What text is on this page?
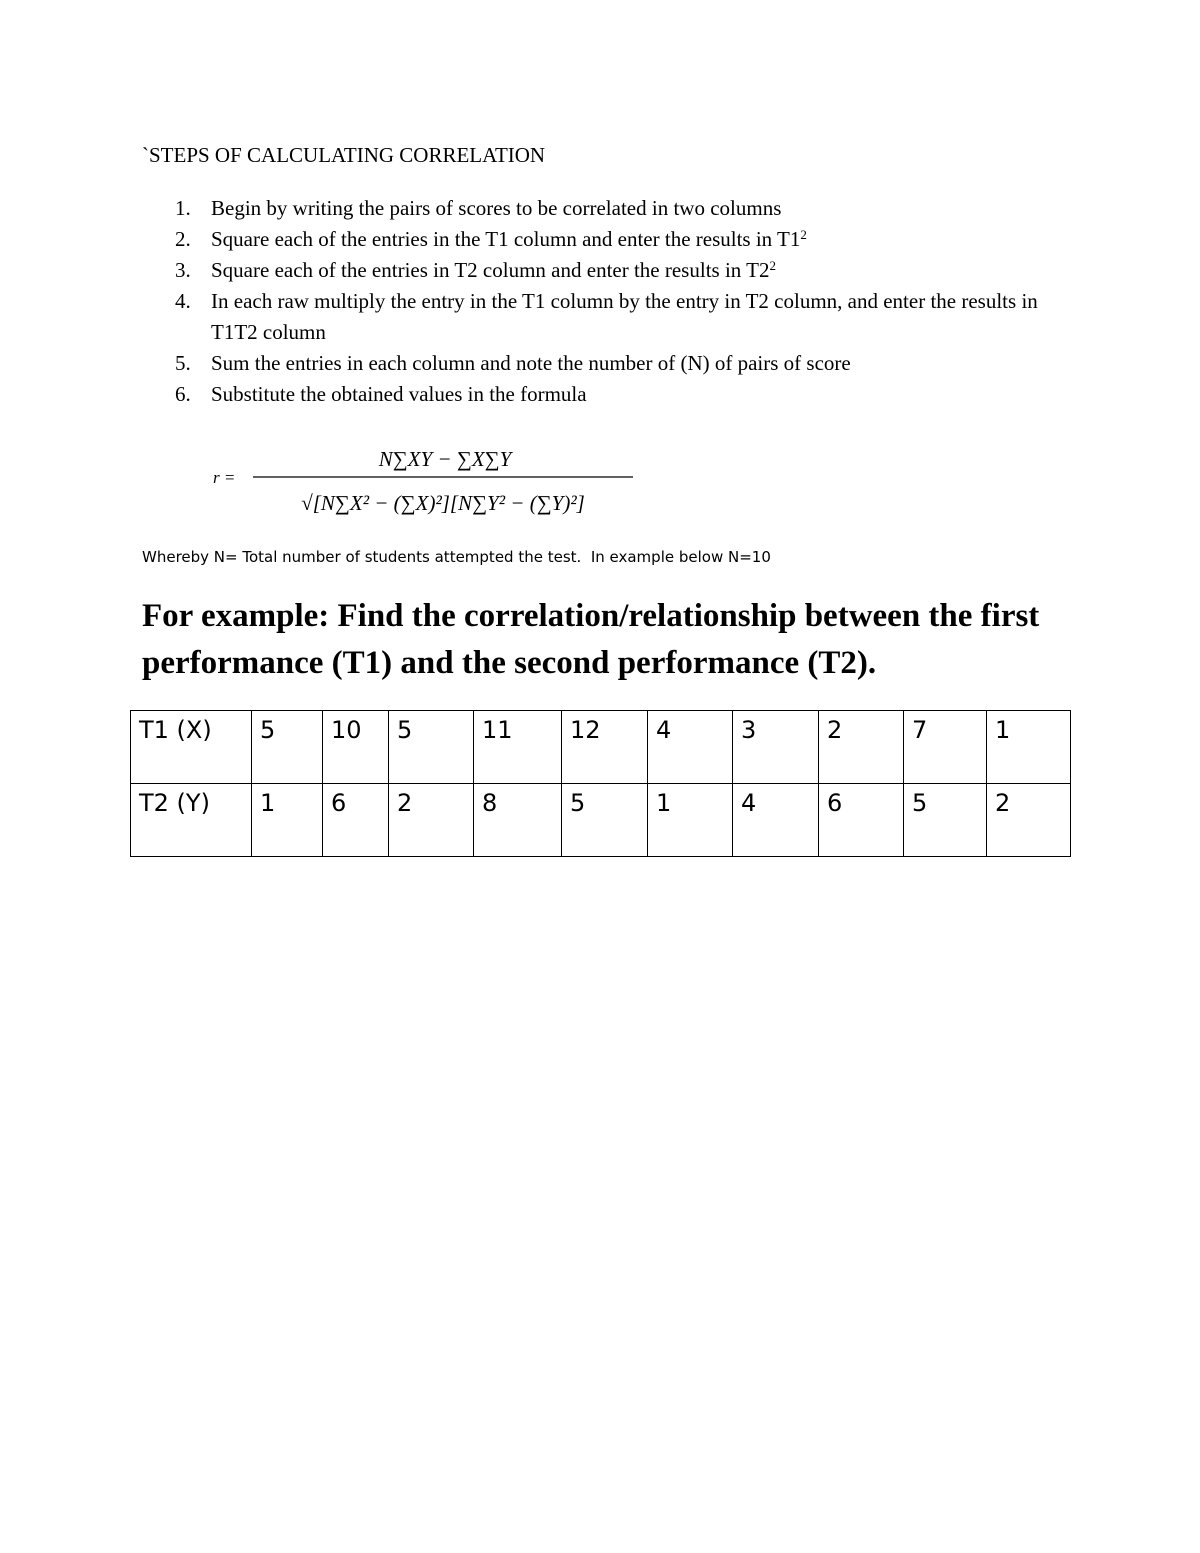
`STEPS OF CALCULATING CORRELATION
1. Begin by writing the pairs of scores to be correlated in two columns
2. Square each of the entries in the T1 column and enter the results in $T1^2$
3. Square each of the entries in T2 column and enter the results in $T2^2$
4. In each raw multiply the entry in the T1 column by the entry in T2 column, and enter the results in T1T2 column
5. Sum the entries in each column and note the number of (N) of pairs of score
6. Substitute the obtained values in the formula
r =
N∑XY − ∑X∑Y
√[N∑X² − (∑X)²][N∑Y² − (∑Y)²]
Whereby N= Total number of students attempted the test.  In example below N=10
For example: Find the correlation/relationship between the first performance (T1) and the second performance (T2).
T1 (X)	5	10	5	11	12	4	3	2	7	1
T2 (Y)	1	6	2	8	5	1	4	6	5	2
